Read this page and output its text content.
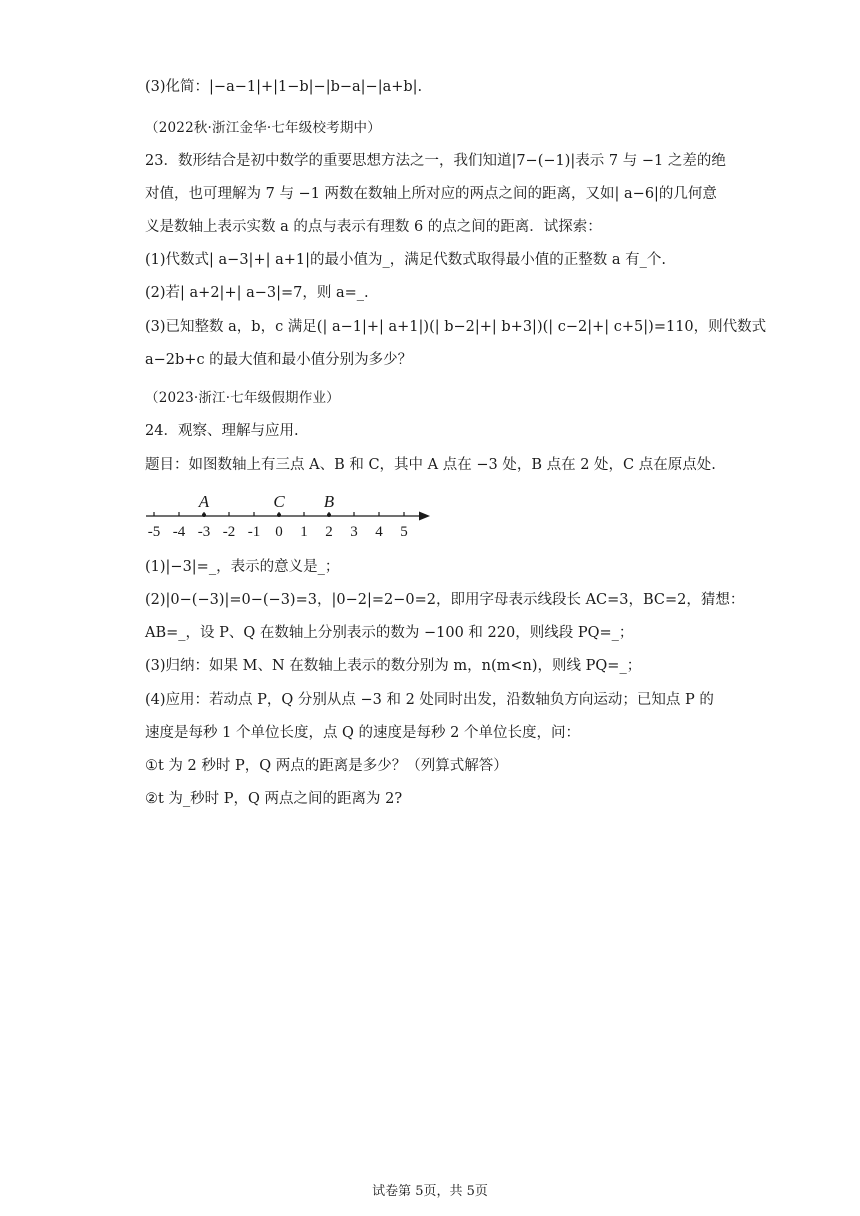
(3)化简：|−a−1|+|1−b|−|b−a|−|a+b|.
（2022秋·浙江金华·七年级校考期中）
23．数形结合是初中数学的重要思想方法之一，我们知道|7−(−1)|表示 7 与 −1 之差的绝
对值，也可理解为 7 与 −1 两数在数轴上所对应的两点之间的距离，又如| a−6|的几何意
义是数轴上表示实数 a 的点与表示有理数 6 的点之间的距离．试探索：
(1)代数式| a−3|+| a+1|的最小值为_，满足代数式取得最小值的正整数 a 有_个.
(2)若| a+2|+| a−3|=7，则 a=_.
(3)已知整数 a，b，c 满足(| a−1|+| a+1|)(| b−2|+| b+3|)(| c−2|+| c+5|)=110，则代数式
a−2b+c 的最大值和最小值分别为多少？
（2023·浙江·七年级假期作业）
24．观察、理解与应用.
题目：如图数轴上有三点 A、B 和 C，其中 A 点在 −3 处，B 点在 2 处，C 点在原点处.
-5 -4 -3 -2 -1 0 1 2 3 4 5
A	C B
(1)|−3|=_，表示的意义是_；
(2)|0−(−3)|=0−(−3)=3，|0−2|=2−0=2，即用字母表示线段长 AC=3，BC=2，猜想：
AB=_，设 P、Q 在数轴上分别表示的数为 −100 和 220，则线段 PQ=_；
(3)归纳：如果 M、N 在数轴上表示的数分别为 m，n(m<n)，则线 PQ=_；
(4)应用：若动点 P，Q 分别从点 −3 和 2 处同时出发，沿数轴负方向运动；已知点 P 的
速度是每秒 1 个单位长度，点 Q 的速度是每秒 2 个单位长度，问：
①t 为 2 秒时 P，Q 两点的距离是多少？（列算式解答）
②t 为_秒时 P，Q 两点之间的距离为 2?
试卷第 5页，共 5页
